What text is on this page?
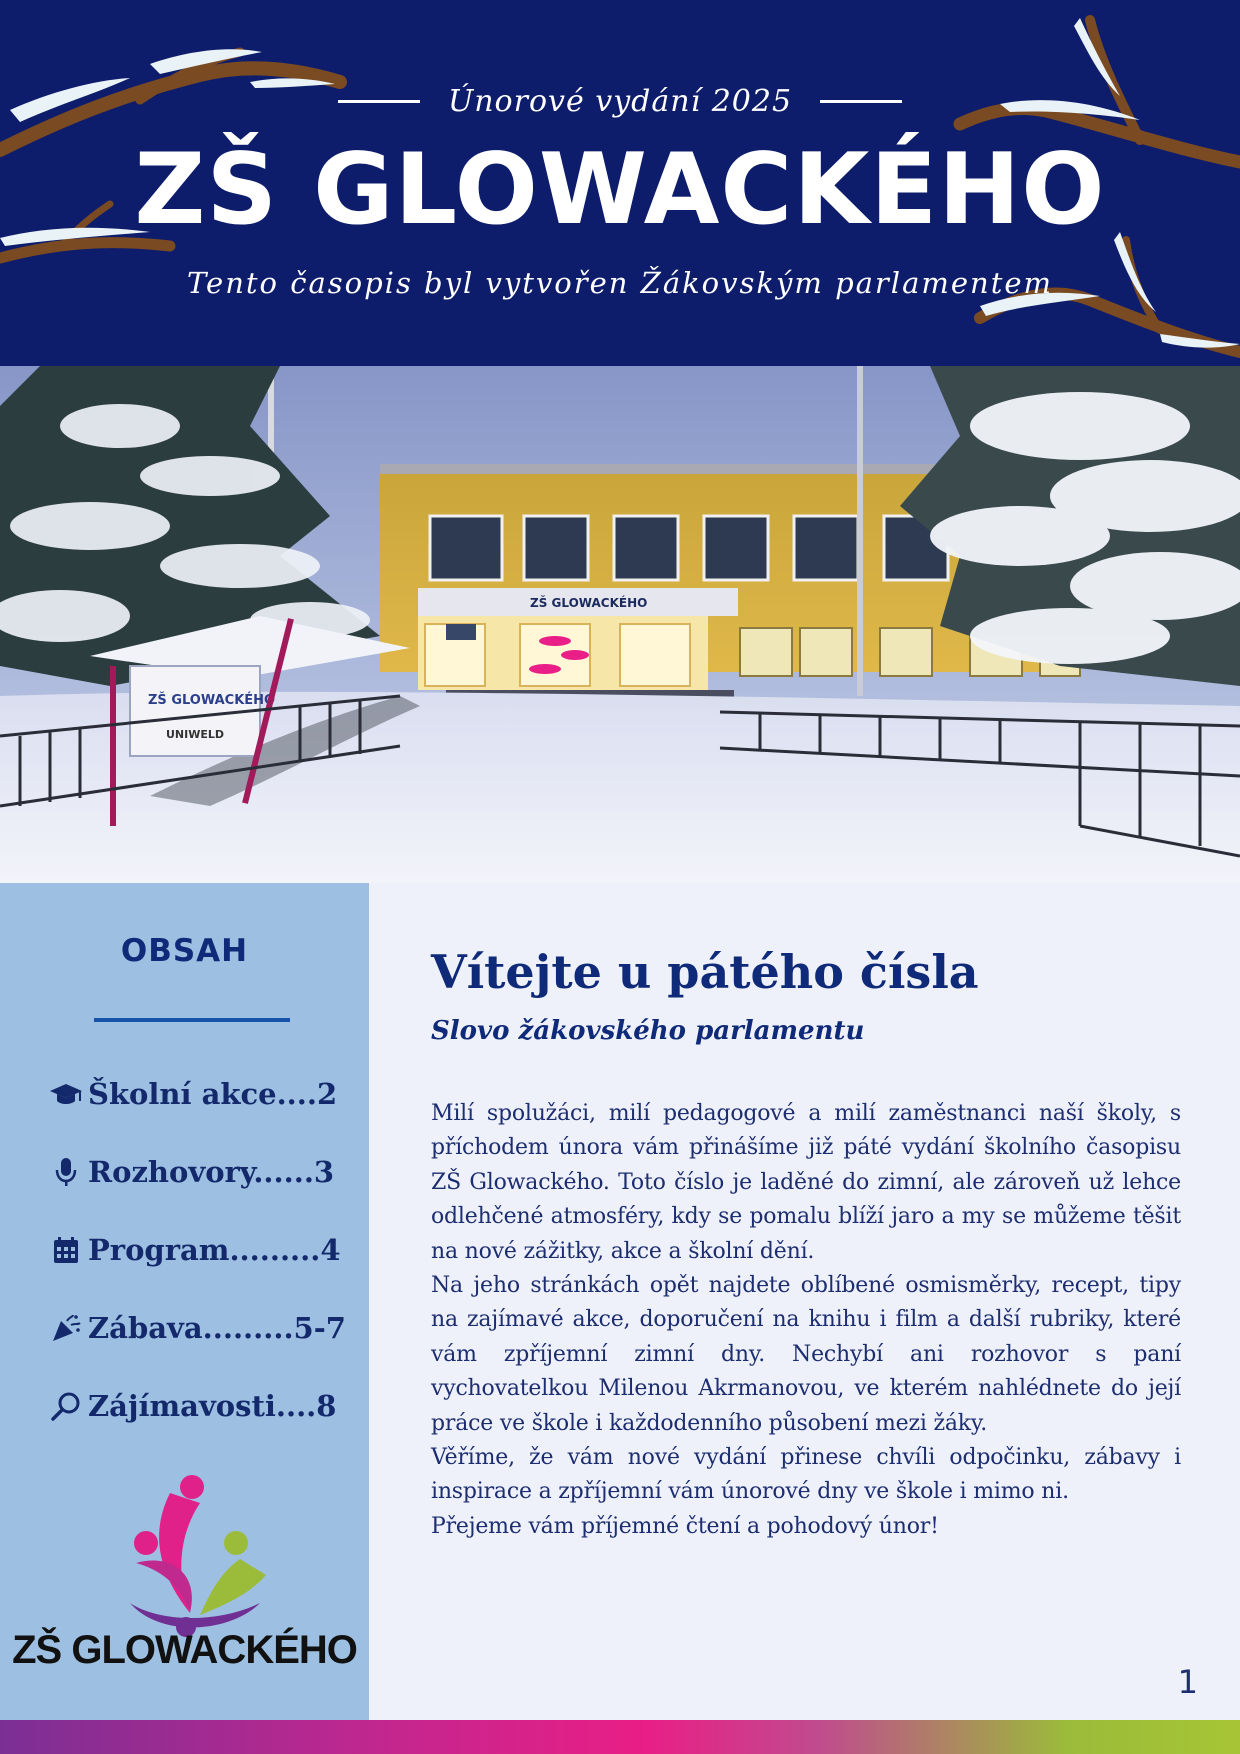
Únorové vydání 2025
ZŠ GLOWACKÉHO
Tento časopis byl vytvořen Žákovským parlamentem
ZŠ GLOWACKÉHO
ZŠ GLOWACKÉHO
UNIWELD
OBSAH
Školní akce....2
Rozhovory......3
Program.........4
Zábava.........5-7
Zájímavosti....8
ZŠ GLOWACKÉHO
Vítejte u pátého čísla
Slovo žákovského parlamentu

Milí spolužáci, milí pedagogové a milí zaměstnanci naší školy, s příchodem února vám přinášíme již páté vydání školního časopisu ZŠ Glowackého. Toto číslo je laděné do zimní, ale zároveň už lehce odlehčené atmosféry, kdy se pomalu blíží jaro a my se můžeme těšit na nové zážitky, akce a školní dění.

Na jeho stránkách opět najdete oblíbené osmisměrky, recept, tipy na zajímavé akce, doporučení na knihu i film a další rubriky, které vám zpříjemní zimní dny. Nechybí ani rozhovor s paní vychovatelkou Milenou Akrmanovou, ve kterém nahlédnete do její práce ve škole i každodenního působení mezi žáky.

Věříme, že vám nové vydání přinese chvíli odpočinku, zábavy i inspirace a zpříjemní vám únorové dny ve škole i mimo ni.

Přejeme vám příjemné čtení a pohodový únor!

1
